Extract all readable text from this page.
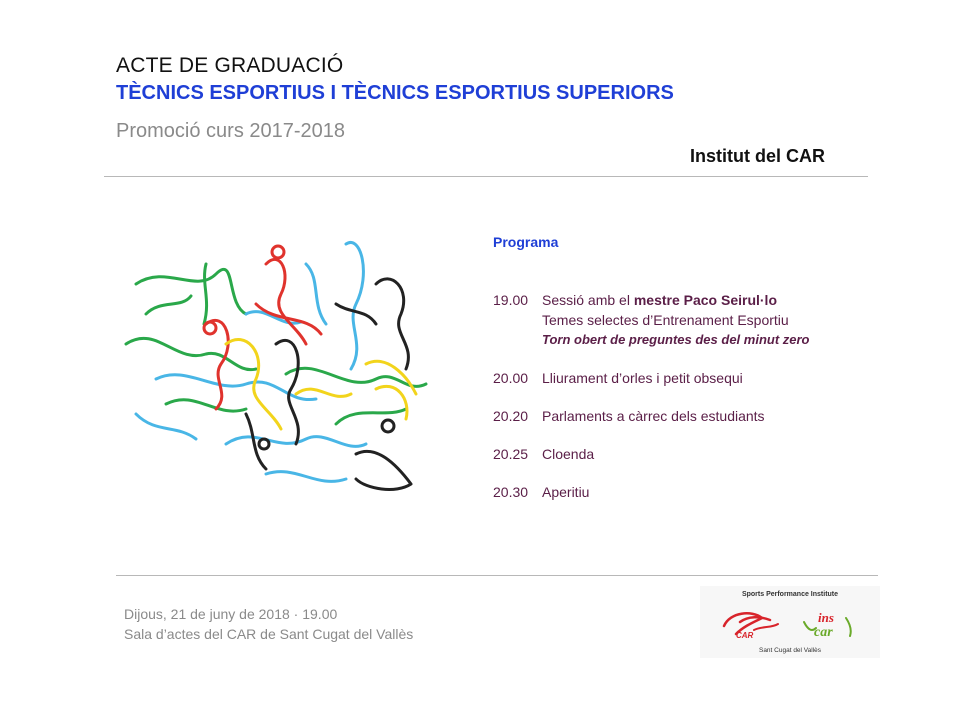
ACTE DE GRADUACIÓ
TÈCNICS ESPORTIUS I TÈCNICS ESPORTIUS SUPERIORS
Promoció curs 2017-2018
Institut del CAR
Programa
19.00 Sessió amb el mestre Paco Seirul·lo
Temes selectes d’Entrenament Esportiu
Torn obert de preguntes des del minut zero
20.00 Lliurament d’orles i petit obsequi
20.20 Parlaments a càrrec dels estudiants
20.25 Cloenda
20.30 Aperitiu
Dijous, 21 de juny de 2018 · 19.00
Sala d’actes del CAR de Sant Cugat del Vallès
Sports Performance Institute
CAR
ins
car
Sant Cugat del Vallès
